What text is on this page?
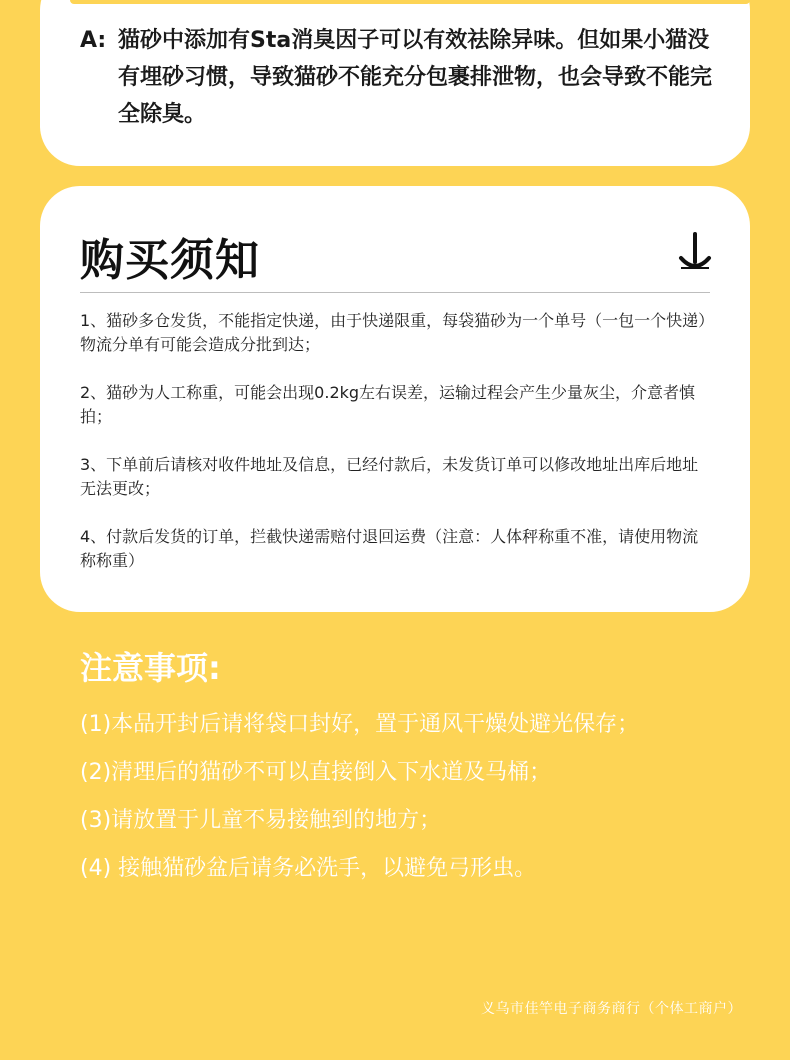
A: 猫砂中添加有Sta消臭因子可以有效祛除异味。但如果小猫没有埋砂习惯，导致猫砂不能充分包裹排泄物，也会导致不能完全除臭。
购买须知
1、猫砂多仓发货，不能指定快递，由于快递限重，每袋猫砂为一个单号（一包一个快递）物流分单有可能会造成分批到达；
2、猫砂为人工称重，可能会出现0.2kg左右误差，运输过程会产生少量灰尘，介意者慎拍；
3、下单前后请核对收件地址及信息，已经付款后，未发货订单可以修改地址出库后地址无法更改；
4、付款后发货的订单，拦截快递需赔付退回运费（注意：人体秤称重不准，请使用物流称称重）
注意事项:
(1)本品开封后请将袋口封好，置于通风干燥处避光保存；
(2)清理后的猫砂不可以直接倒入下水道及马桶；
(3)请放置于儿童不易接触到的地方；
(4) 接触猫砂盆后请务必洗手，以避免弓形虫。
义乌市佳竿电子商务商行（个体工商户）
